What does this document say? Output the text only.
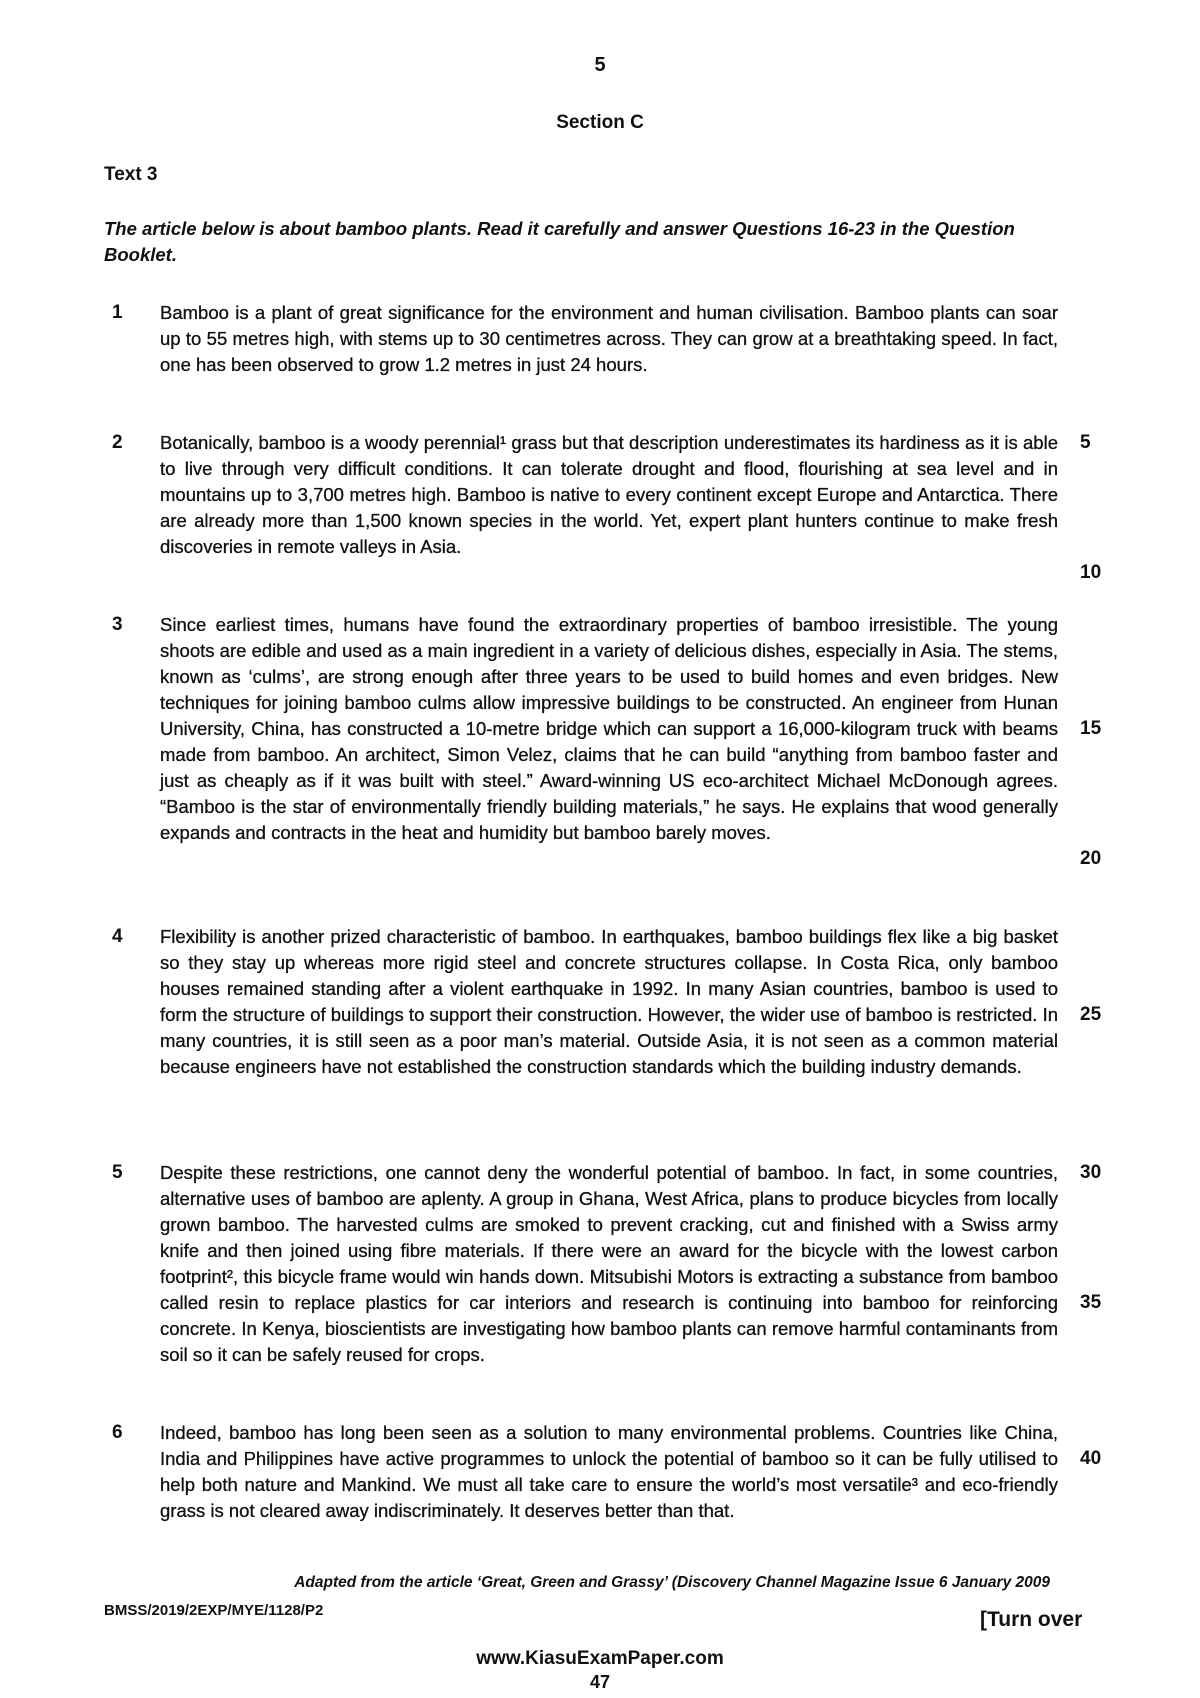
5
Section C
Text 3
The article below is about bamboo plants. Read it carefully and answer Questions 16-23 in the Question Booklet.
1 Bamboo is a plant of great significance for the environment and human civilisation. Bamboo plants can soar up to 55 metres high, with stems up to 30 centimetres across. They can grow at a breathtaking speed. In fact, one has been observed to grow 1.2 metres in just 24 hours.
2 Botanically, bamboo is a woody perennial¹ grass but that description underestimates its hardiness as it is able to live through very difficult conditions. It can tolerate drought and flood, flourishing at sea level and in mountains up to 3,700 metres high. Bamboo is native to every continent except Europe and Antarctica. There are already more than 1,500 known species in the world. Yet, expert plant hunters continue to make fresh discoveries in remote valleys in Asia.
3 Since earliest times, humans have found the extraordinary properties of bamboo irresistible. The young shoots are edible and used as a main ingredient in a variety of delicious dishes, especially in Asia. The stems, known as ‘culms’, are strong enough after three years to be used to build homes and even bridges. New techniques for joining bamboo culms allow impressive buildings to be constructed. An engineer from Hunan University, China, has constructed a 10-metre bridge which can support a 16,000-kilogram truck with beams made from bamboo. An architect, Simon Velez, claims that he can build “anything from bamboo faster and just as cheaply as if it was built with steel.” Award-winning US eco-architect Michael McDonough agrees. “Bamboo is the star of environmentally friendly building materials,” he says. He explains that wood generally expands and contracts in the heat and humidity but bamboo barely moves.
4 Flexibility is another prized characteristic of bamboo. In earthquakes, bamboo buildings flex like a big basket so they stay up whereas more rigid steel and concrete structures collapse. In Costa Rica, only bamboo houses remained standing after a violent earthquake in 1992. In many Asian countries, bamboo is used to form the structure of buildings to support their construction. However, the wider use of bamboo is restricted. In many countries, it is still seen as a poor man’s material. Outside Asia, it is not seen as a common material because engineers have not established the construction standards which the building industry demands.
5 Despite these restrictions, one cannot deny the wonderful potential of bamboo. In fact, in some countries, alternative uses of bamboo are aplenty. A group in Ghana, West Africa, plans to produce bicycles from locally grown bamboo. The harvested culms are smoked to prevent cracking, cut and finished with a Swiss army knife and then joined using fibre materials. If there were an award for the bicycle with the lowest carbon footprint², this bicycle frame would win hands down. Mitsubishi Motors is extracting a substance from bamboo called resin to replace plastics for car interiors and research is continuing into bamboo for reinforcing concrete. In Kenya, bioscientists are investigating how bamboo plants can remove harmful contaminants from soil so it can be safely reused for crops.
6 Indeed, bamboo has long been seen as a solution to many environmental problems. Countries like China, India and Philippines have active programmes to unlock the potential of bamboo so it can be fully utilised to help both nature and Mankind. We must all take care to ensure the world’s most versatile³ and eco-friendly grass is not cleared away indiscriminately. It deserves better than that.
5
10
15
20
25
30
35
40
Adapted from the article ‘Great, Green and Grassy’ (Discovery Channel Magazine Issue 6 January 2009
BMSS/2019/2EXP/MYE/1128/P2	[Turn over
www.KiasuExamPaper.com
47
